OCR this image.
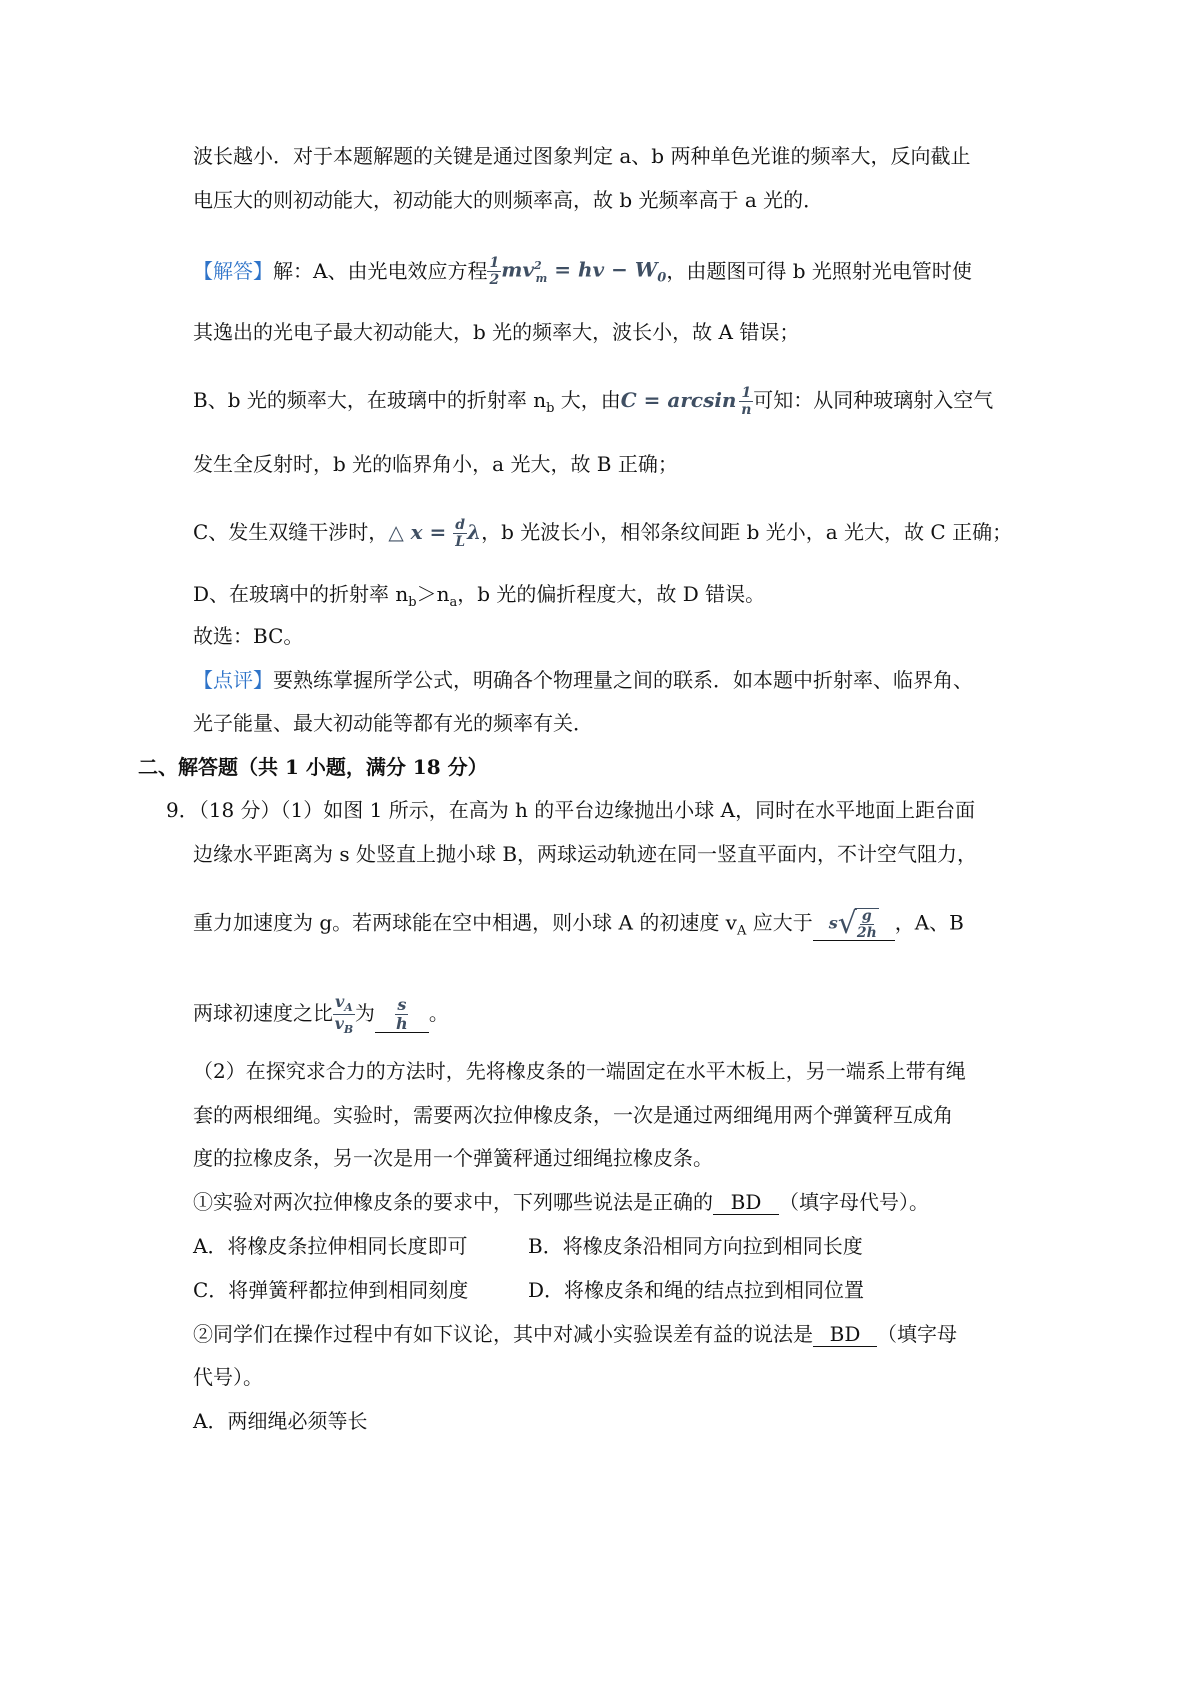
波长越小．对于本题解题的关键是通过图象判定 a、b 两种单色光谁的频率大，反向截止
电压大的则初动能大，初动能大的则频率高，故 b 光频率高于 a 光的．
【解答】解：A、由光电效应方程 $\frac{1}{2} mv^2_m$ = hv − $W_0$，由题图可得 b 光照射光电管时使
其逸出的光电子最大初动能大，b 光的频率大，波长小，故 A 错误；
B、b 光的频率大，在玻璃中的折射率 $n_b$ 大，由$C = \arcsin \frac{1}{n}$ 可知：从同种玻璃射入空气
发生全反射时，b 光的临界角小，a 光大，故 B 正确；
C、发生双缝干涉时，△ $x = \frac{d}{L}$ λ，b 光波长小，相邻条纹间距 b 光小，a 光大，故 C 正确；
D、在玻璃中的折射率 $n_b>n_a$，b 光的偏折程度大，故 D 错误。
故选：BC。
【点评】要熟练掌握所学公式，明确各个物理量之间的联系．如本题中折射率、临界角、
光子能量、最大初动能等都有光的频率有关．
二、解答题（共 1 小题，满分 18 分）
9．（18 分）（1）如图 1 所示，在高为 h 的平台边缘抛出小球 A，同时在水平地面上距台面
边缘水平距离为 s 处竖直上抛小球 B，两球运动轨迹在同一竖直平面内，不计空气阻力，
重力加速度为 g。若两球能在空中相遇，则小球 A 的初速度 $v_A$ 应大于 s √ $\frac{g}{2h}$ ，A、B
两球初速度之比 $\frac{v_A}{v_B}$ 为 $\frac{s}{h}$ 。
（2）在探究求合力的方法时，先将橡皮条的一端固定在水平木板上，另一端系上带有绳
套的两根细绳。实验时，需要两次拉伸橡皮条，一次是通过两细绳用两个弹簧秤互成角
度的拉橡皮条，另一次是用一个弹簧秤通过细绳拉橡皮条。
①实验对两次拉伸橡皮条的要求中，下列哪些说法是正确的 BD （填字母代号）。
A．将橡皮条拉伸相同长度即可	B．将橡皮条沿相同方向拉到相同长度
C．将弹簧秤都拉伸到相同刻度	D．将橡皮条和绳的结点拉到相同位置
②同学们在操作过程中有如下议论，其中对减小实验误差有益的说法是 BD （填字母
代号）。
A．两细绳必须等长
